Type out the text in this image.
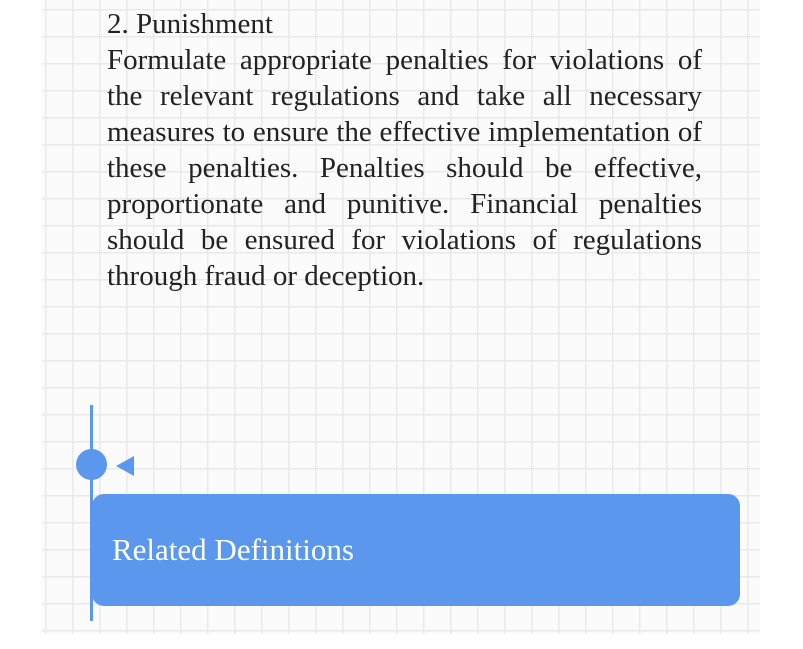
2. Punishment

Formulate appropriate penalties for violations of the relevant regulations and take all necessary measures to ensure the effective implementation of these penalties. Penalties should be effective, proportionate and punitive. Financial penalties should be ensured for violations of regulations through fraud or deception.

Related Definitions
